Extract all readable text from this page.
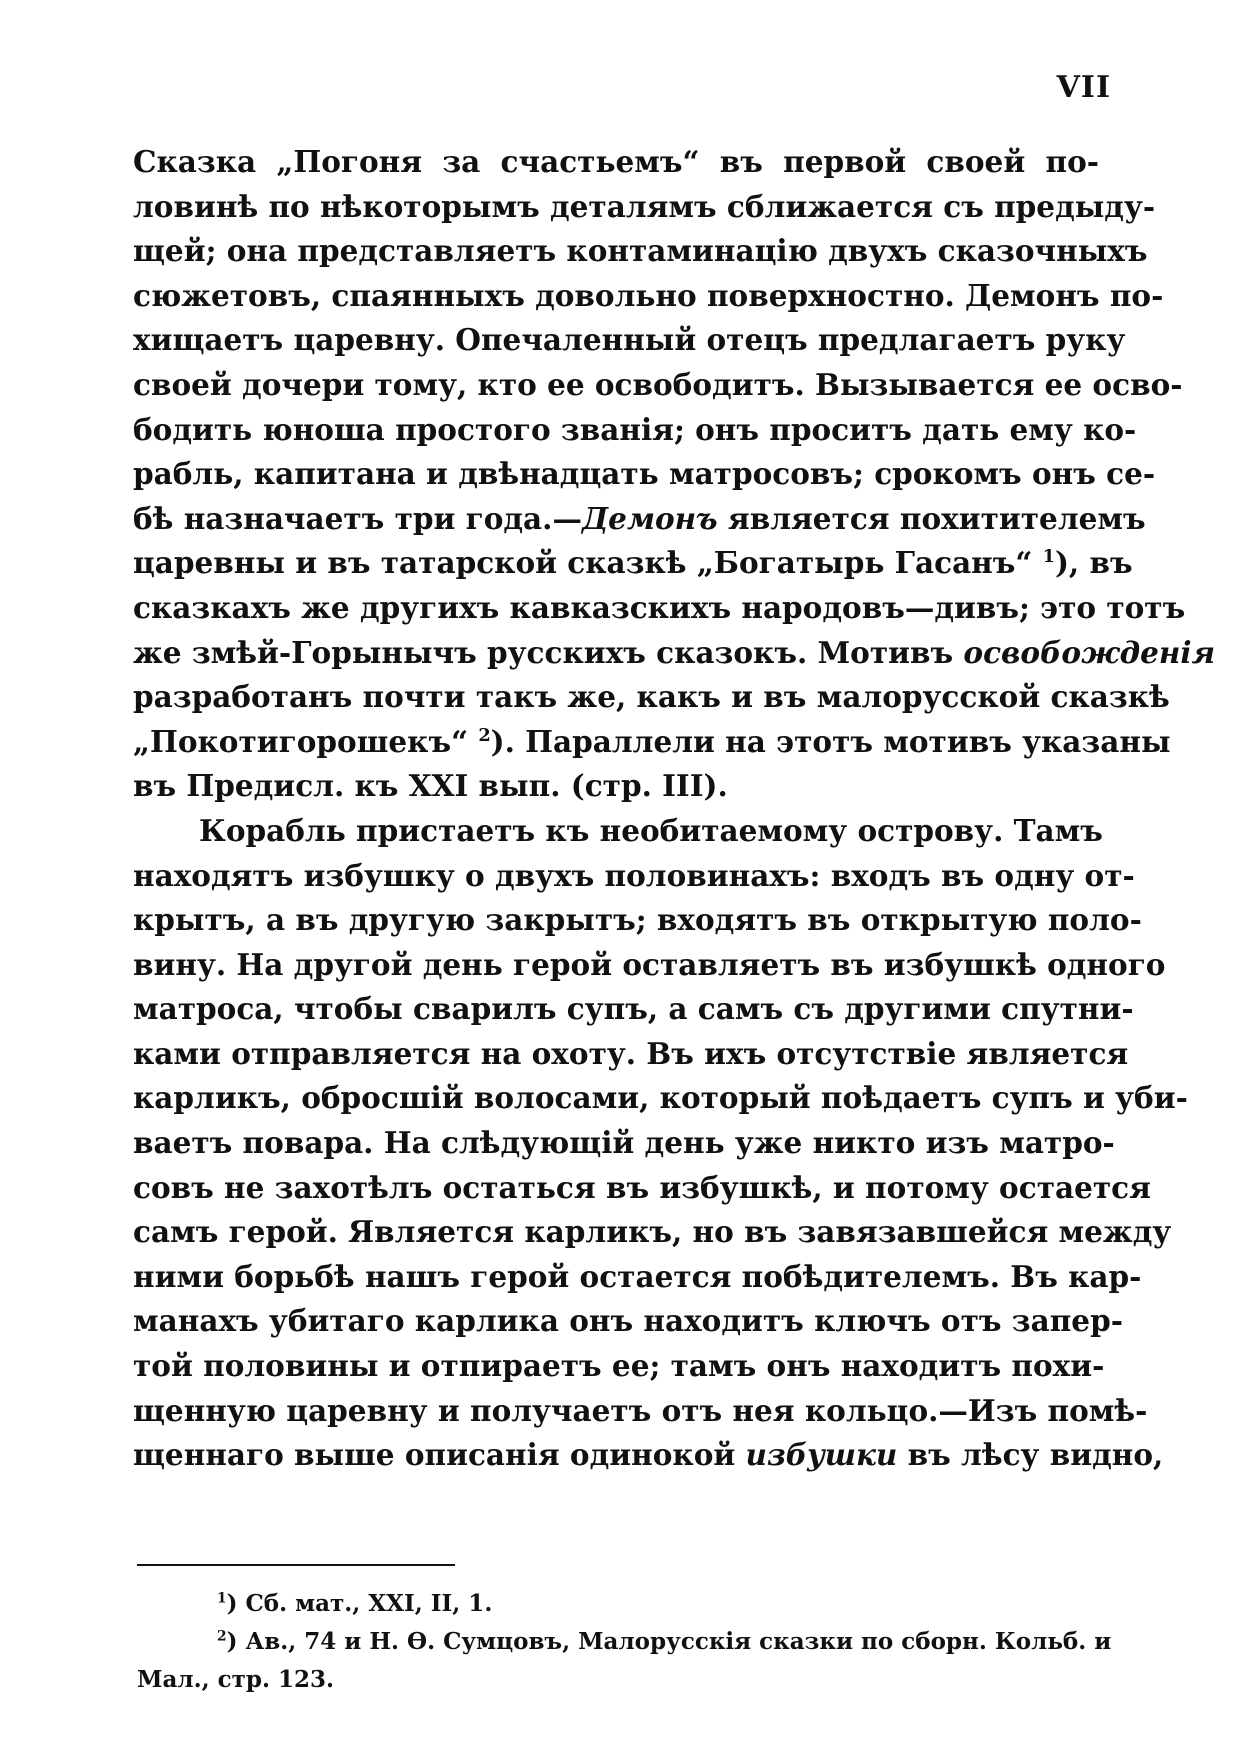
VII
Сказка „Погоня за счастьемъ“ въ первой своей по-
ловинѣ по нѣкоторымъ деталямъ сближается съ предыду-
щей; она представляетъ контаминацію двухъ сказочныхъ
сюжетовъ, спаянныхъ довольно поверхностно. Демонъ по-
хищаетъ царевну. Опечаленный отецъ предлагаетъ руку
своей дочери тому, кто ее освободитъ. Вызывается ее осво-
бодить юноша простого званія; онъ проситъ дать ему ко-
рабль, капитана и двѣнадцать матросовъ; срокомъ онъ се-
бѣ назначаетъ три года.—Демонъ является похитителемъ
царевны и въ татарской сказкѣ „Богатырь Гасанъ“ $^1$), въ
сказкахъ же другихъ кавказскихъ народовъ—дивъ; это тотъ
же змѣй-Горынычъ русскихъ сказокъ. Мотивъ освобожденія
разработанъ почти такъ же, какъ и въ малорусской сказкѣ
„Покотигорошекъ“ $^2$). Параллели на этотъ мотивъ указаны
въ Предисл. къ XXI вып. (стр. III).
Корабль пристаетъ къ необитаемому острову. Тамъ
находятъ избушку о двухъ половинахъ: входъ въ одну от-
крытъ, а въ другую закрытъ; входятъ въ открытую поло-
вину. На другой день герой оставляетъ въ избушкѣ одного
матроса, чтобы сварилъ супъ, а самъ съ другими спутни-
ками отправляется на охоту. Въ ихъ отсутствіе является
карликъ, обросшій волосами, который поѣдаетъ супъ и уби-
ваетъ повара. На слѣдующій день уже никто изъ матро-
совъ не захотѣлъ остаться въ избушкѣ, и потому остается
самъ герой. Является карликъ, но въ завязавшейся между
ними борьбѣ нашъ герой остается побѣдителемъ. Въ кар-
манахъ убитаго карлика онъ находитъ ключъ отъ запер-
той половины и отпираетъ ее; тамъ онъ находитъ похи-
щенную царевну и получаетъ отъ нея кольцо.—Изъ помѣ-
щеннаго выше описанія одинокой избушки въ лѣсу видно,
$^1$) Сб. мат., XXI, II, 1.
$^2$) Ав., 74 и Н. Ѳ. Сумцовъ, Малорусскія сказки по сборн. Кольб. и
Мал., стр. 123.
